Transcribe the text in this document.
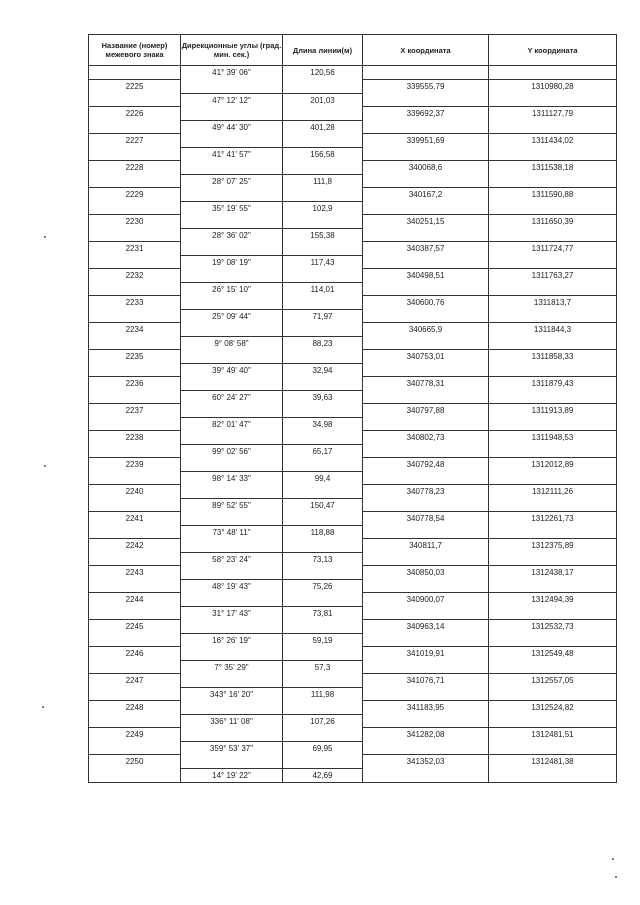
Название (номер) межевого знака	Дирекционные углы (град. мин. сек.)	Длина линии(м)	X координата	Y координата
	41° 39' 06"	120,56		
2225			339555,79	1310980,28
	47° 12' 12"	201,03		
2226			339692,37	1311127,79
	49° 44' 30"	401,28		
2227			339951,69	1311434,02
	41° 41' 57"	156,58		
2228			340068,6	1311538,18
	28° 07' 25"	111,8		
2229			340167,2	1311590,88
	35° 19' 55"	102,9		
2230			340251,15	1311650,39
	28° 36' 02"	155,38		
2231			340387,57	1311724,77
	19° 08' 19"	117,43		
2232			340498,51	1311763,27
	26° 15' 10"	114,01		
2233			340600,76	1311813,7
	25° 09' 44"	71,97		
2234			340665,9	1311844,3
	9° 08' 58"	88,23		
2235			340753,01	1311858,33
	39° 49' 40"	32,94		
2236			340778,31	1311879,43
	60° 24' 27"	39,63		
2237			340797,88	1311913,89
	82° 01' 47"	34,98		
2238			340802,73	1311948,53
	99° 02' 56"	65,17		
2239			340792,48	1312012,89
	98° 14' 33"	99,4		
2240			340778,23	1312111,26
	89° 52' 55"	150,47		
2241			340778,54	1312261,73
	73° 48' 11"	118,88		
2242			340811,7	1312375,89
	58° 23' 24"	73,13		
2243			340850,03	1312438,17
	48° 19' 43"	75,26		
2244			340900,07	1312494,39
	31° 17' 43"	73,81		
2245			340963,14	1312532,73
	16° 26' 19"	59,19		
2246			341019,91	1312549,48
	7° 35' 29"	57,3		
2247			341076,71	1312557,05
	343° 16' 20"	111,98		
2248			341183,95	1312524,82
	336° 11' 08"	107,26		
2249			341282,08	1312481,51
	359° 53' 37"	69,95		
2250			341352,03	1312481,38
	14° 19' 22"	42,69		
